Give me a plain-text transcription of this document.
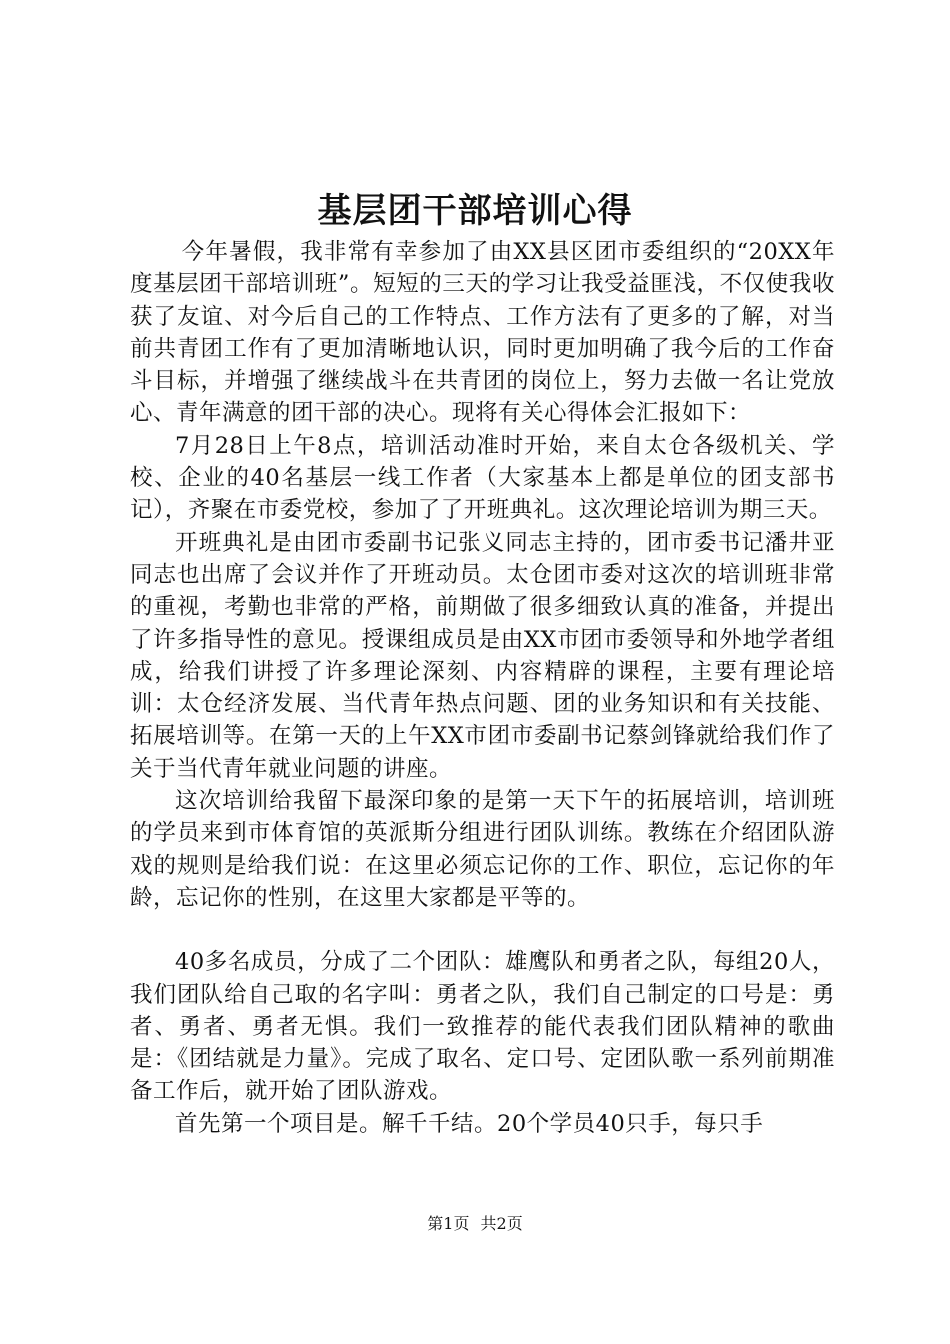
基层团干部培训心得

今年暑假，我非常有幸参加了由XX县区团市委组织的“20XX年度基层团干部培训班”。短短的三天的学习让我受益匪浅，不仅使我收获了友谊、对今后自己的工作特点、工作方法有了更多的了解，对当前共青团工作有了更加清晰地认识，同时更加明确了我今后的工作奋斗目标，并增强了继续战斗在共青团的岗位上，努力去做一名让党放心、青年满意的团干部的决心。现将有关心得体会汇报如下：

7月28日上午8点，培训活动准时开始，来自太仓各级机关、学校、企业的40名基层一线工作者（大家基本上都是单位的团支部书记），齐聚在市委党校，参加了了开班典礼。这次理论培训为期三天。

开班典礼是由团市委副书记张义同志主持的，团市委书记潘井亚同志也出席了会议并作了开班动员。太仓团市委对这次的培训班非常的重视，考勤也非常的严格，前期做了很多细致认真的准备，并提出了许多指导性的意见。授课组成员是由XX市团市委领导和外地学者组成，给我们讲授了许多理论深刻、内容精辟的课程，主要有理论培训：太仓经济发展、当代青年热点问题、团的业务知识和有关技能、拓展培训等。在第一天的上午XX市团市委副书记蔡剑锋就给我们作了关于当代青年就业问题的讲座。

这次培训给我留下最深印象的是第一天下午的拓展培训，培训班的学员来到市体育馆的英派斯分组进行团队训练。教练在介绍团队游戏的规则是给我们说：在这里必须忘记你的工作、职位，忘记你的年龄，忘记你的性别，在这里大家都是平等的。

40多名成员，分成了二个团队：雄鹰队和勇者之队，每组20人，我们团队给自己取的名字叫：勇者之队，我们自己制定的口号是：勇者、勇者、勇者无惧。我们一致推荐的能代表我们团队精神的歌曲是：《团结就是力量》。完成了取名、定口号、定团队歌一系列前期准备工作后，就开始了团队游戏。

首先第一个项目是。解千千结。20个学员40只手，每只手

第1页 共2页
